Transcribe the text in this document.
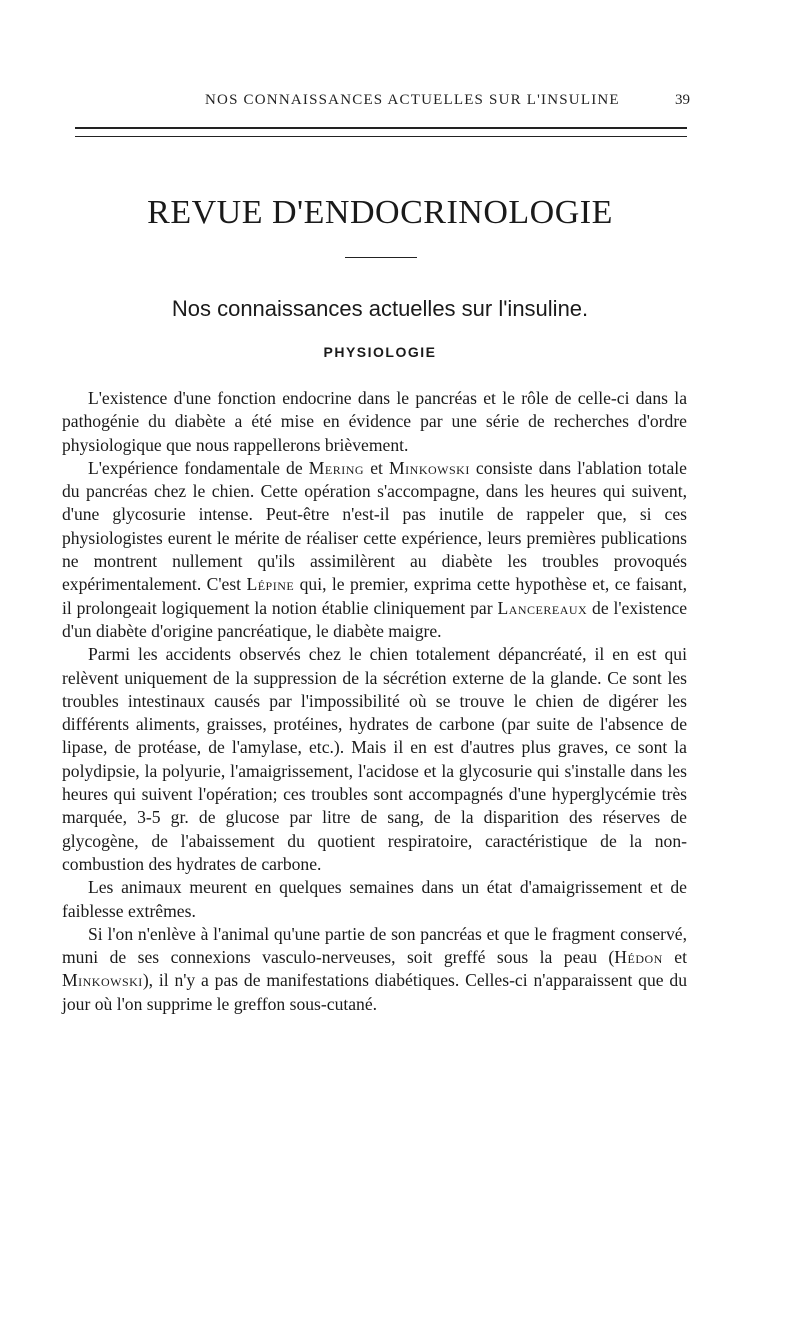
NOS CONNAISSANCES ACTUELLES SUR L'INSULINE	39
REVUE D'ENDOCRINOLOGIE
Nos connaissances actuelles sur l'insuline.
PHYSIOLOGIE

L'existence d'une fonction endocrine dans le pancréas et le rôle de celle-ci dans la pathogénie du diabète a été mise en évidence par une série de recherches d'ordre physiologique que nous rappellerons brièvement.

L'expérience fondamentale de Mering et Minkowski consiste dans l'ablation totale du pancréas chez le chien. Cette opération s'accompagne, dans les heures qui suivent, d'une glycosurie intense. Peut-être n'est-il pas inutile de rappeler que, si ces physiologistes eurent le mérite de réaliser cette expérience, leurs premières publications ne montrent nullement qu'ils assimilèrent au diabète les troubles provoqués expérimentalement. C'est Lépine qui, le premier, exprima cette hypothèse et, ce faisant, il prolongeait logiquement la notion établie cliniquement par Lancereaux de l'existence d'un diabète d'origine pancréatique, le diabète maigre.

Parmi les accidents observés chez le chien totalement dépancréaté, il en est qui relèvent uniquement de la suppression de la sécrétion externe de la glande. Ce sont les troubles intestinaux causés par l'impossibilité où se trouve le chien de digérer les différents aliments, graisses, protéines, hydrates de carbone (par suite de l'absence de lipase, de protéase, de l'amylase, etc.). Mais il en est d'autres plus graves, ce sont la polydipsie, la polyurie, l'amaigrissement, l'acidose et la glycosurie qui s'installe dans les heures qui suivent l'opération; ces troubles sont accompagnés d'une hyperglycémie très marquée, 3-5 gr. de glucose par litre de sang, de la disparition des réserves de glycogène, de l'abaissement du quotient respiratoire, caractéristique de la non-combustion des hydrates de carbone.

Les animaux meurent en quelques semaines dans un état d'amaigrissement et de faiblesse extrêmes.

Si l'on n'enlève à l'animal qu'une partie de son pancréas et que le fragment conservé, muni de ses connexions vasculo-nerveuses, soit greffé sous la peau (Hédon et Minkowski), il n'y a pas de manifestations diabétiques. Celles-ci n'apparaissent que du jour où l'on supprime le greffon sous-cutané.
